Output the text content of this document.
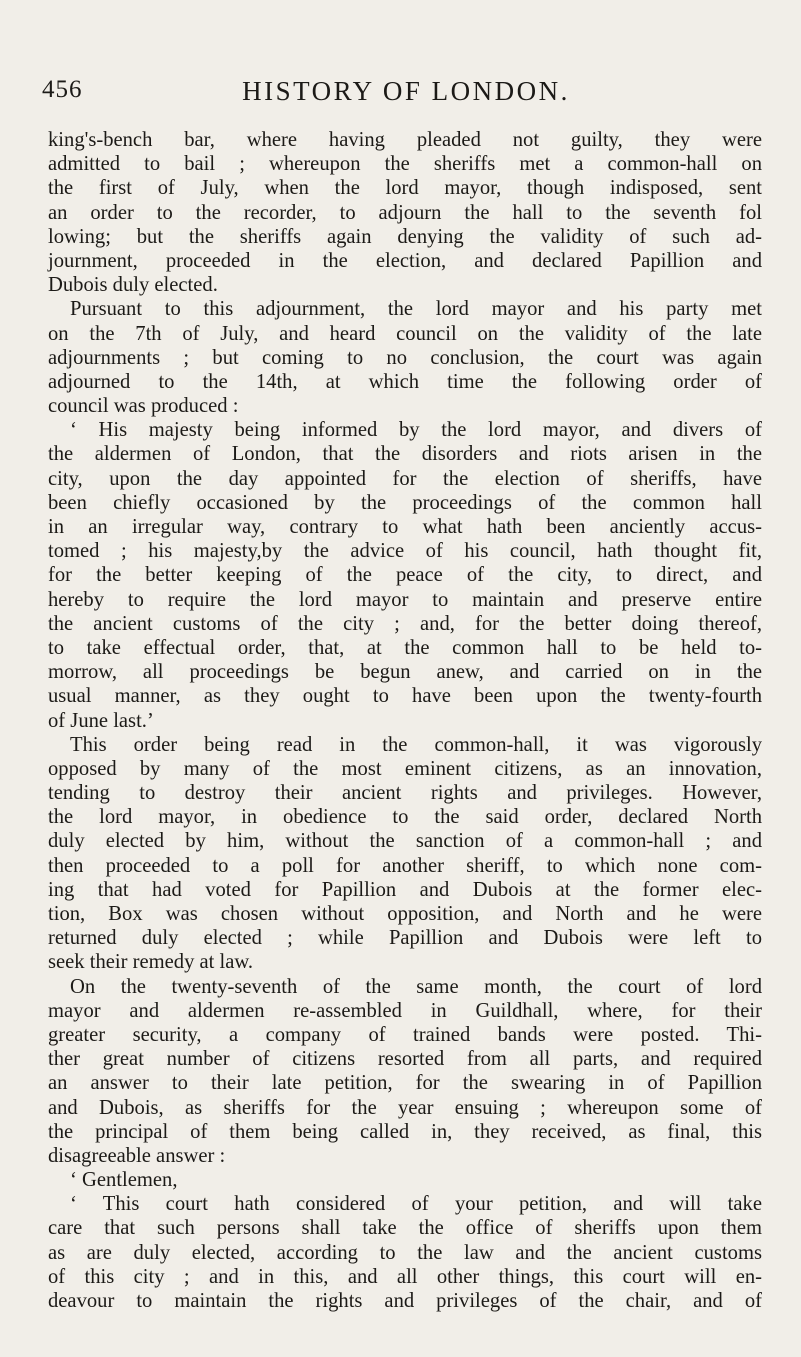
456	HISTORY OF LONDON.
king's-bench bar, where having pleaded not guilty, they were
admitted to bail ; whereupon the sheriffs met a common-hall on
the first of July, when the lord mayor, though indisposed, sent
an order to the recorder, to adjourn the hall to the seventh fol
lowing; but the sheriffs again denying the validity of such ad-
journment, proceeded in the election, and declared Papillion and
Dubois duly elected.
Pursuant to this adjournment, the lord mayor and his party met
on the 7th of July, and heard council on the validity of the late
adjournments ; but coming to no conclusion, the court was again
adjourned to the 14th, at which time the following order of
council was produced :
‘ His majesty being informed by the lord mayor, and divers of
the aldermen of London, that the disorders and riots arisen in the
city, upon the day appointed for the election of sheriffs, have
been chiefly occasioned by the proceedings of the common hall
in an irregular way, contrary to what hath been anciently accus-
tomed ; his majesty,by the advice of his council, hath thought fit,
for the better keeping of the peace of the city, to direct, and
hereby to require the lord mayor to maintain and preserve entire
the ancient customs of the city ; and, for the better doing thereof,
to take effectual order, that, at the common hall to be held to-
morrow, all proceedings be begun anew, and carried on in the
usual manner, as they ought to have been upon the twenty-fourth
of June last.’
This order being read in the common-hall, it was vigorously
opposed by many of the most eminent citizens, as an innovation,
tending to destroy their ancient rights and privileges. However,
the lord mayor, in obedience to the said order, declared North
duly elected by him, without the sanction of a common-hall ; and
then proceeded to a poll for another sheriff, to which none com-
ing that had voted for Papillion and Dubois at the former elec-
tion, Box was chosen without opposition, and North and he were
returned duly elected ; while Papillion and Dubois were left to
seek their remedy at law.
On the twenty-seventh of the same month, the court of lord
mayor and aldermen re-assembled in Guildhall, where, for their
greater security, a company of trained bands were posted. Thi-
ther great number of citizens resorted from all parts, and required
an answer to their late petition, for the swearing in of Papillion
and Dubois, as sheriffs for the year ensuing ; whereupon some of
the principal of them being called in, they received, as final, this
disagreeable answer :
‘ Gentlemen,
‘ This court hath considered of your petition, and will take
care that such persons shall take the office of sheriffs upon them
as are duly elected, according to the law and the ancient customs
of this city ; and in this, and all other things, this court will en-
deavour to maintain the rights and privileges of the chair, and of
